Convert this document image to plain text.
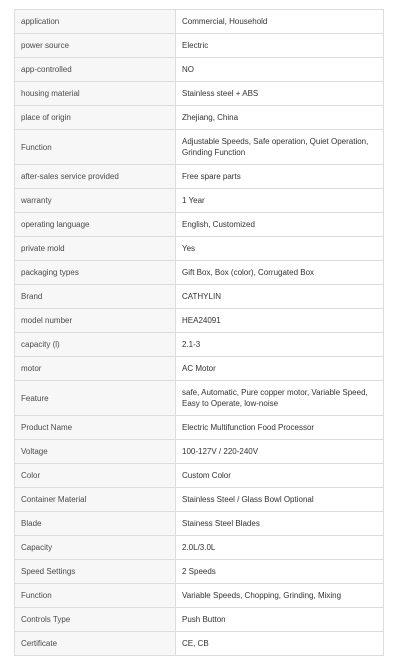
application	Commercial, Household
power source	Electric
app-controlled	NO
housing material	Stainless steel + ABS
place of origin	Zhejiang, China
Function	Adjustable Speeds, Safe operation, Quiet Operation, Grinding Function
after-sales service provided	Free spare parts
warranty	1 Year
operating language	English, Customized
private mold	Yes
packaging types	Gift Box, Box (color), Corrugated Box
Brand	CATHYLIN
model number	HEA24091
capacity (l)	2.1-3
motor	AC Motor
Feature	safe, Automatic, Pure copper motor, Variable Speed, Easy to Operate, low-noise
Product Name	Electric Multifunction Food Processor
Voltage	100-127V / 220-240V
Color	Custom Color
Container Material	Stainless Steel / Glass Bowl Optional
Blade	Stainess Steel Blades
Capacity	2.0L/3.0L
Speed Settings	2 Speeds
Function	Variable Speeds, Chopping, Grinding, Mixing
Controls Type	Push Button
Certificate	CE, CB
